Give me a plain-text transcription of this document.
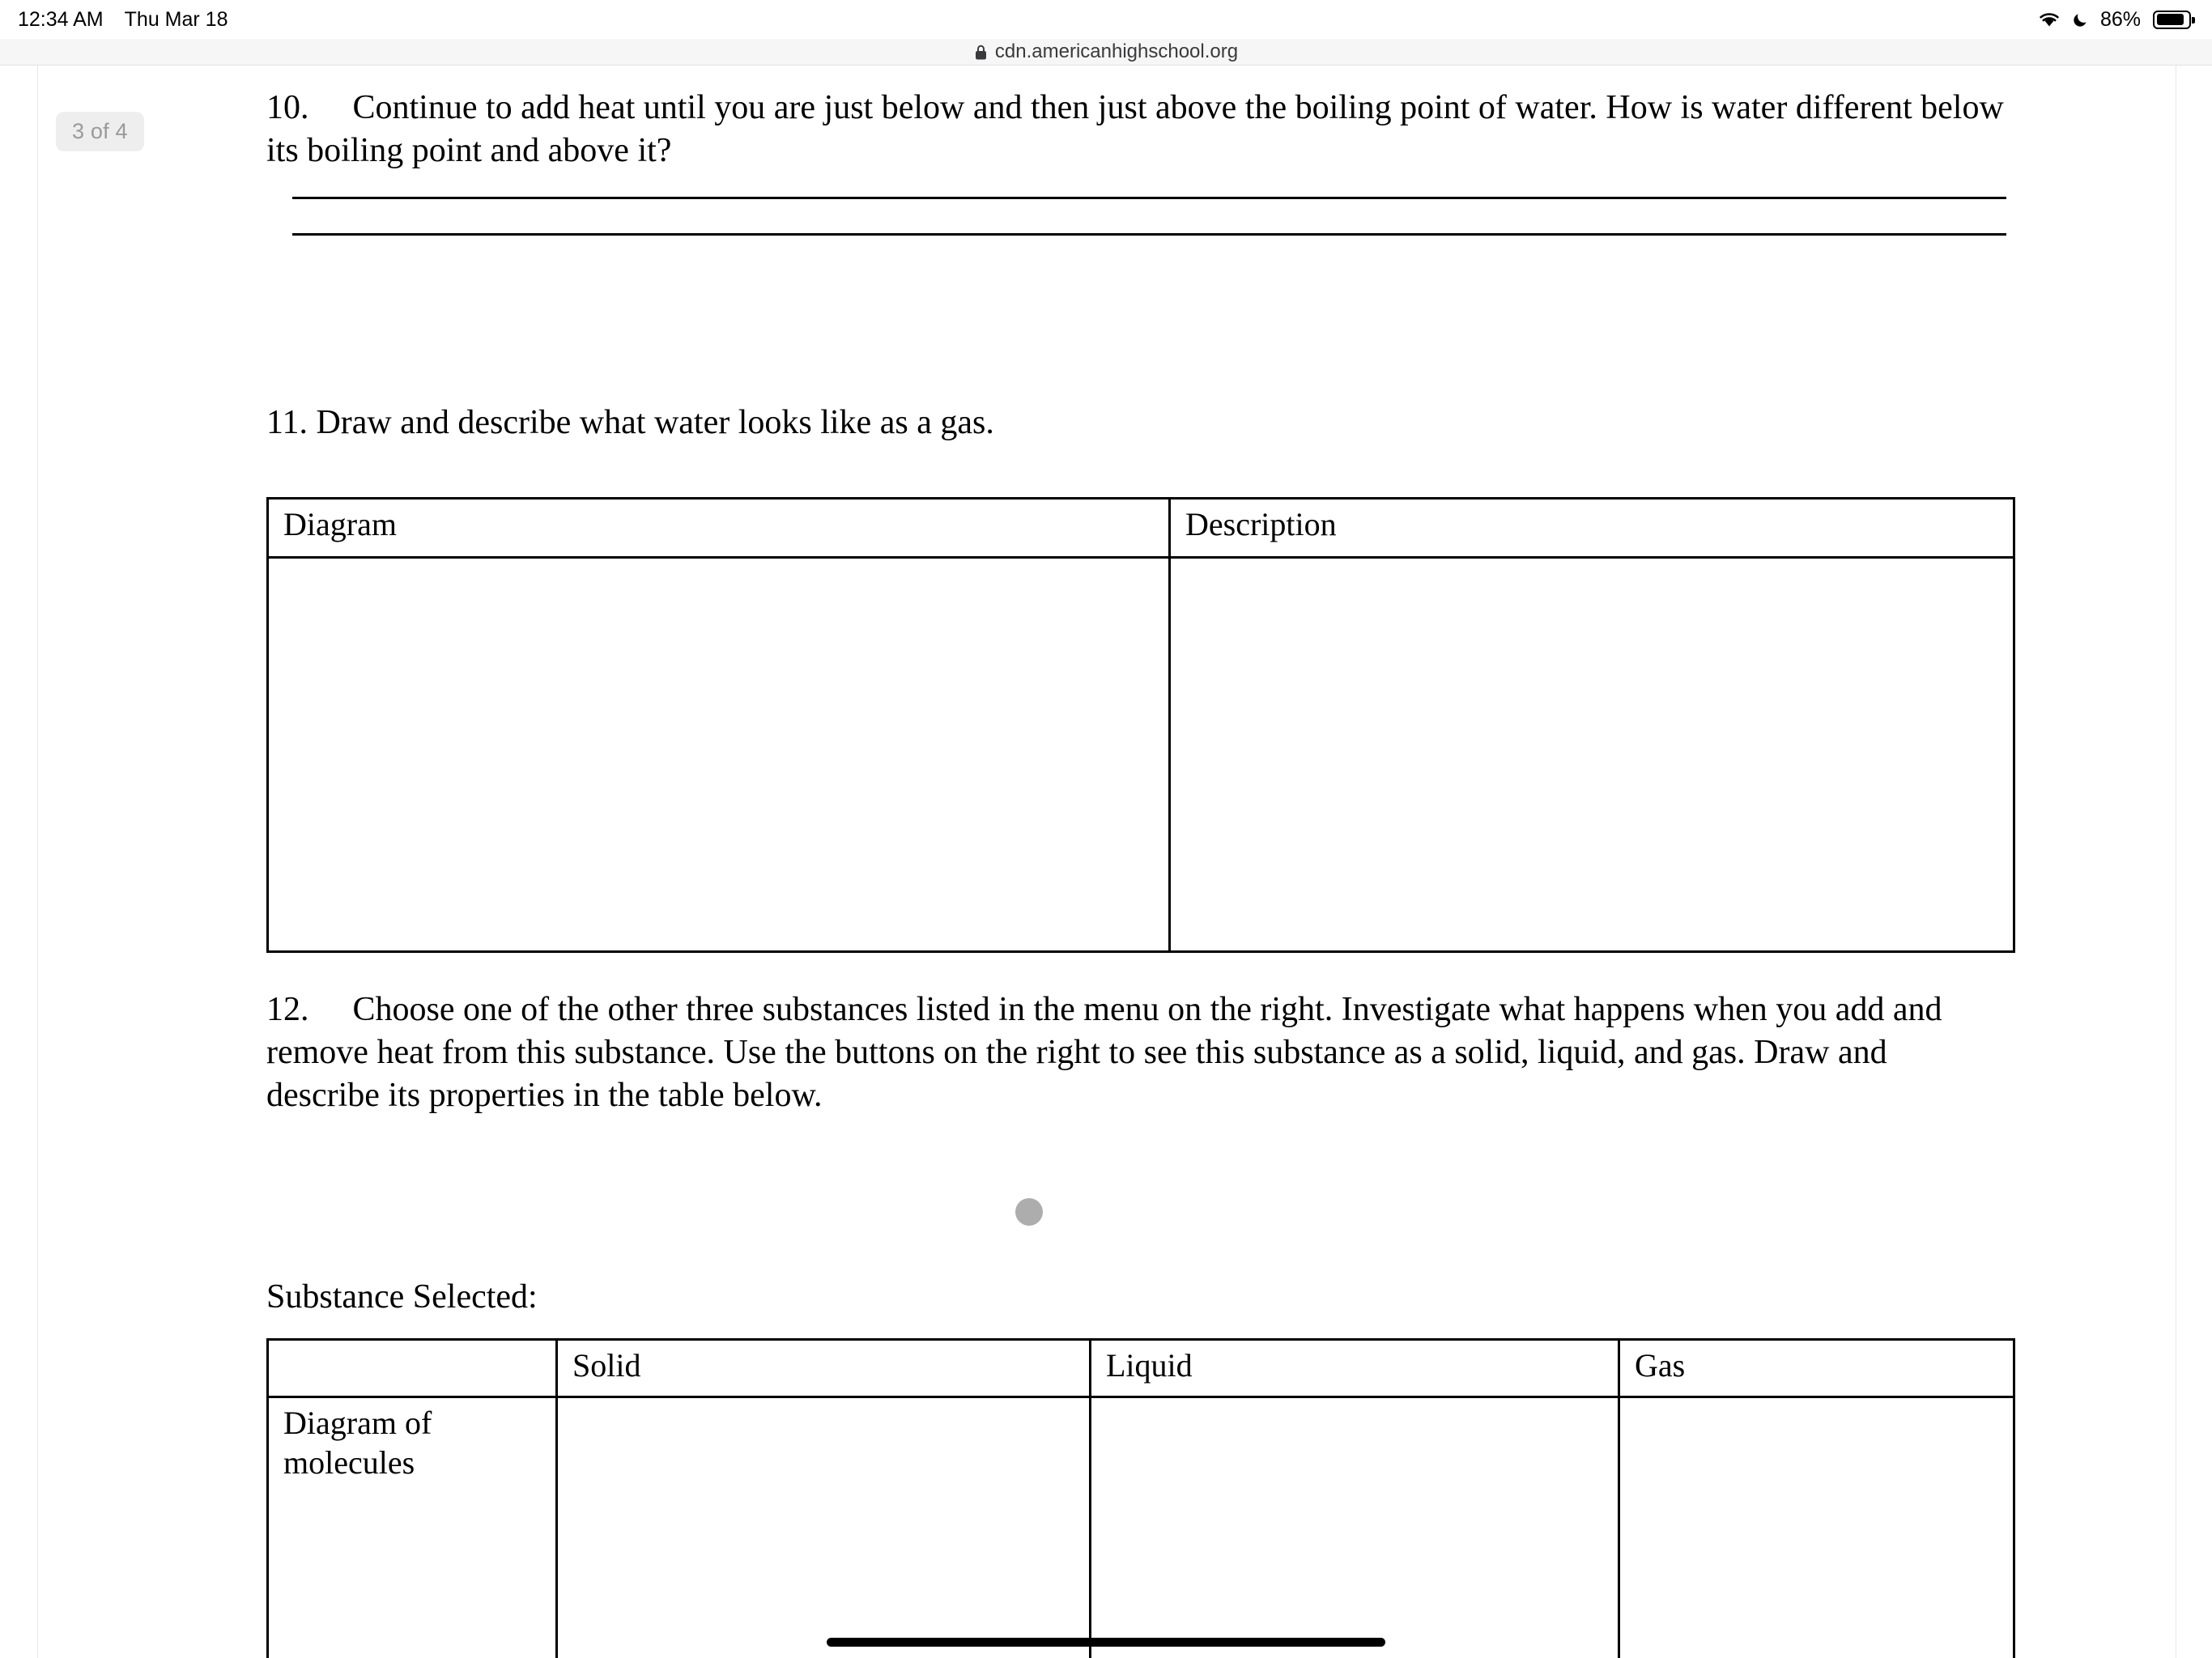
12:34 AM Thu Mar 18	86%
cdn.americanhighschool.org
3 of 4

10. Continue to add heat until you are just below and then just above the boiling point of water. How is water different below its boiling point and above it?

11. Draw and describe what water looks like as a gas.

Diagram	Description

12. Choose one of the other three substances listed in the menu on the right. Investigate what happens when you add and remove heat from this substance. Use the buttons on the right to see this substance as a solid, liquid, and gas. Draw and describe its properties in the table below.

Substance Selected:

	Solid	Liquid	Gas
Diagram of molecules			
